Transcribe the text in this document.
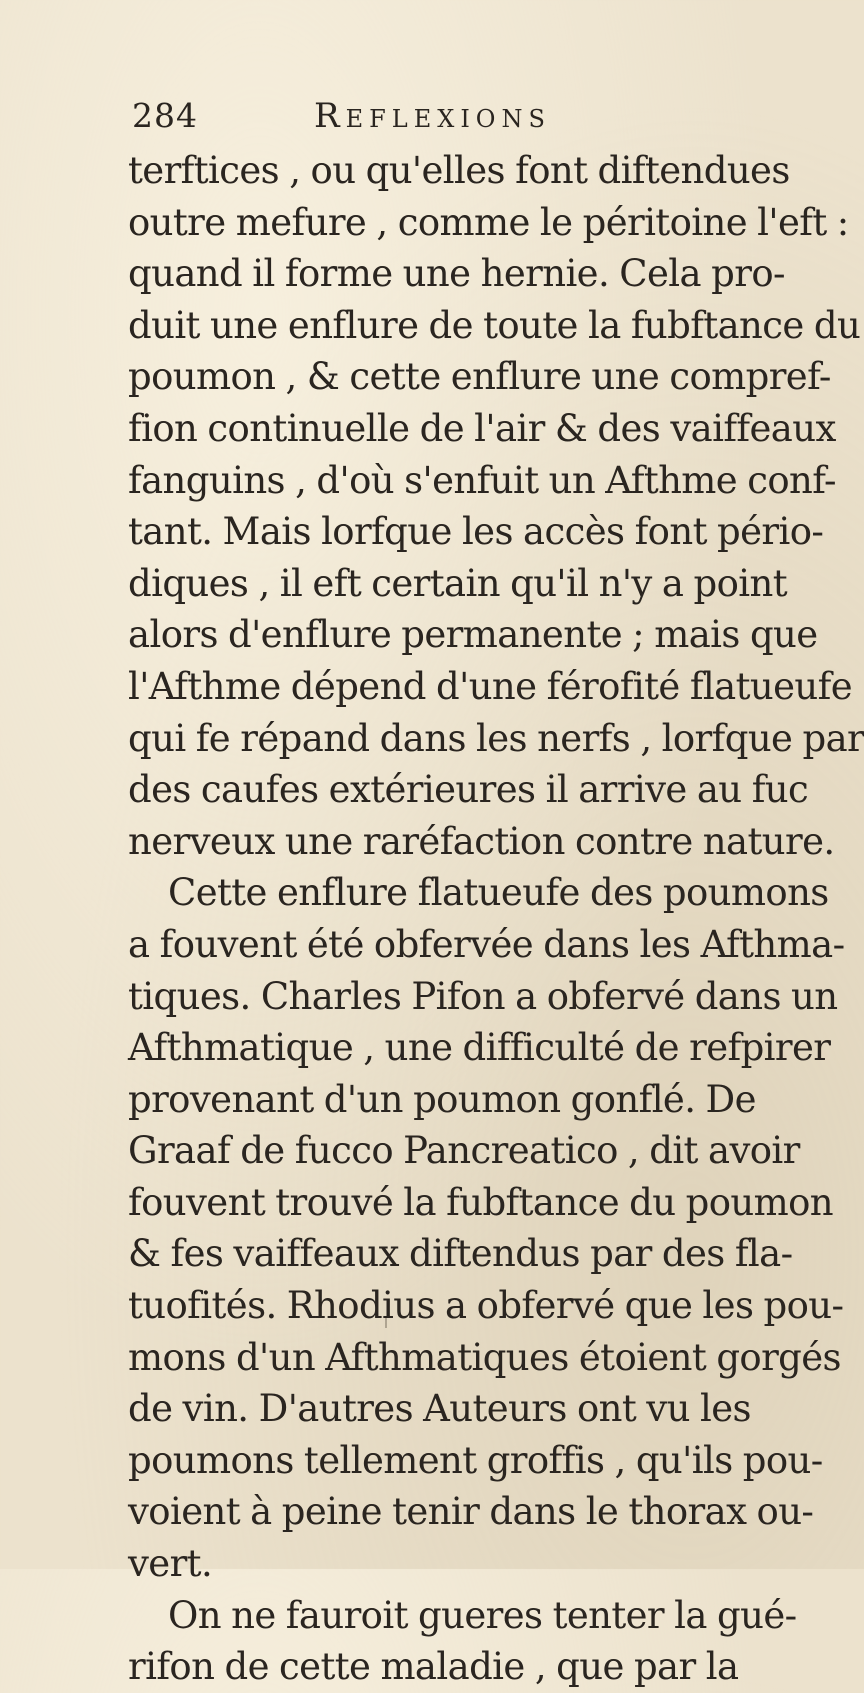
284	Reflexions
terftices , ou qu'elles font diftendues
outre mefure , comme le péritoine l'eft :
quand il forme une hernie. Cela pro-
duit une enflure de toute la fubftance du
poumon , & cette enflure une compref-
fion continuelle de l'air & des vaiffeaux
fanguins , d'où s'enfuit un Afthme conf-
tant. Mais lorfque les accès font pério-
diques , il eft certain qu'il n'y a point
alors d'enflure permanente ; mais que
l'Afthme dépend d'une férofité flatueufe
qui fe répand dans les nerfs , lorfque par
des caufes extérieures il arrive au fuc
nerveux une raréfaction contre nature.
Cette enflure flatueufe des poumons
a fouvent été obfervée dans les Afthma-
tiques. Charles Pifon a obfervé dans un
Afthmatique , une difficulté de refpirer
provenant d'un poumon gonflé. De
Graaf de fucco Pancreatico , dit avoir
fouvent trouvé la fubftance du poumon
& fes vaiffeaux diftendus par des fla-
tuofités. Rhodius a obfervé que les pou-
mons d'un Afthmatiques étoient gorgés
de vin. D'autres Auteurs ont vu les
poumons tellement groffis , qu'ils pou-
voient à peine tenir dans le thorax ou-
vert.
On ne fauroit gueres tenter la gué-
rifon de cette maladie , que par la
